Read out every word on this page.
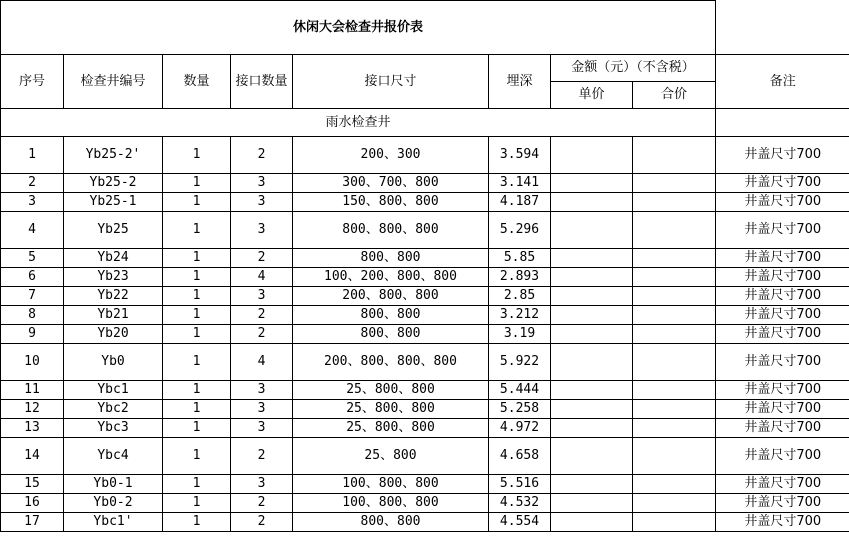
休闲大会检查井报价表								
序号	检查井编号	数量	接口数量	接口尺寸	埋深	金额（元）（不含税）		备注
						单价	合价	
雨水检查井								
1	Yb25-2'	1	2	200、300	3.594			井盖尺寸700
2	Yb25-2	1	3	300、700、800	3.141			井盖尺寸700
3	Yb25-1	1	3	150、800、800	4.187			井盖尺寸700
4	Yb25	1	3	800、800、800	5.296			井盖尺寸700
5	Yb24	1	2	800、800	5.85			井盖尺寸700
6	Yb23	1	4	100、200、800、800	2.893			井盖尺寸700
7	Yb22	1	3	200、800、800	2.85			井盖尺寸700
8	Yb21	1	2	800、800	3.212			井盖尺寸700
9	Yb20	1	2	800、800	3.19			井盖尺寸700
10	Yb0	1	4	200、800、800、800	5.922			井盖尺寸700
11	Ybc1	1	3	25、800、800	5.444			井盖尺寸700
12	Ybc2	1	3	25、800、800	5.258			井盖尺寸700
13	Ybc3	1	3	25、800、800	4.972			井盖尺寸700
14	Ybc4	1	2	25、800	4.658			井盖尺寸700
15	Yb0-1	1	3	100、800、800	5.516			井盖尺寸700
16	Yb0-2	1	2	100、800、800	4.532			井盖尺寸700
17	Ybc1'	1	2	800、800	4.554			井盖尺寸700
